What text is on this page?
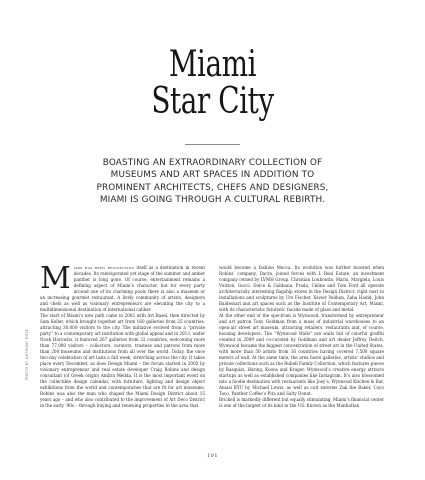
Miami
Star City

BOASTING AN EXTRAORDINARY COLLECTION OF MUSEUMS AND ART SPACES IN ADDITION TO PROMINENT ARCHITECTS, CHEFS AND DESIGNERS, MIAMI IS GOING THROUGH A CULTURAL REBIRTH.

PHOTO BY ANTHONY ROSE

Miami has been reinventing itself as a destination in recent decades. Its reinvigorated yet stage of the summer and amber panther is long gone. Of course, entertainment remains a defining aspect of Miami’s character, but for every party around one of its charming pools there is also a museum or an increasing gourmet restaurant. A lively community of artists, designers and chefs as well as visionary entrepreneurs are elevating the city to a multidimensional destination of international caliber.

The start of Miami’s new path came in 2002 with Art Basel, then directed by Sam Keller, which brought together art from 160 galleries from 25 countries, attracting 30,000 visitors to the city. The initiative evolved from a “private party” to a contemporary art institution with global appeal and in 2013, under Noah Horowitz, it featured 267 galleries from 32 countries, welcoming more than 77,000 visitors – collectors, curators, trustees and patrons from more than 200 museums and institutions from all over the world. Today, the once two-day celebration of art lasts a full week, stretching across the city. It takes place every December, as does Design Miami – the forum started in 2005 by visionary entrepreneur and real estate developer Craig Robins and design consultant (of Greek origin) Ambra Medda. It is the most important event on the collectible design calendar, with furniture, lighting and design object exhibitions from the world and contemporaries that are fit for art museums. Robins was also the man who shaped the Miami Design District about 15 years ago – and who also contributed to the improvement of Art Deco District in the early ’90s – through buying and renewing properties in the area that

would become a fashion Mecca. Its evolution was further boosted when Robins’ company, Dacra, joined forces with L Real Estate, an investment company owned by LVMH Group. Christian Louboutin, Marni, Margiela, Louis Vuitton, Gucci, Dolce & Gabbana, Prada, Céline and Tom Ford all operate architecturally interesting flagship stores in the Design District, right next to installations and sculptures by Urs Fischer, Xavier Veilhan, Zaha Hadid, John Baldessari and art spaces such as the Institute of Contemporary Art, Miami, with its characteristic futuristic facade made of glass and metal.

At the other end of the spectrum is Wynwood, transformed by entrepreneur and art patron Tony Goldman from a mass of industrial warehouses to an open-air street art museum, attracting retailers, restaurants and, of course, housing developers. The “Wynwood Walls” are walls full of colorful graffiti created in 2009 and co-curated by Goldman and art dealer Jeffrey Deitch. Wynwood became the biggest concentration of street art in the United States, with more than 50 artists from 16 countries having covered 7,500 square meters of wall. At the same time, the area hosts galleries, artists’ studios and private collections such as the Rubell Family Collection, which features pieces by Basquiat, Haring, Koons and Kruger. Wynwood’s creative energy attracts startups as well as established companies like Instagram. It’s also blossomed into a foodie destination with restaurants like Joey’s, Wynwood Kitchen & Bar, Aniasi KYU by Michael Lewis, as well as cult eateries Zak the Baker, Coyo Taco, Panther Coffee’s Pita and Salty Donut.

Brickell is markedly different but equally stimulating. Miami’s financial center is one of the largest of its kind in the US. Known as the Manhattan

101
